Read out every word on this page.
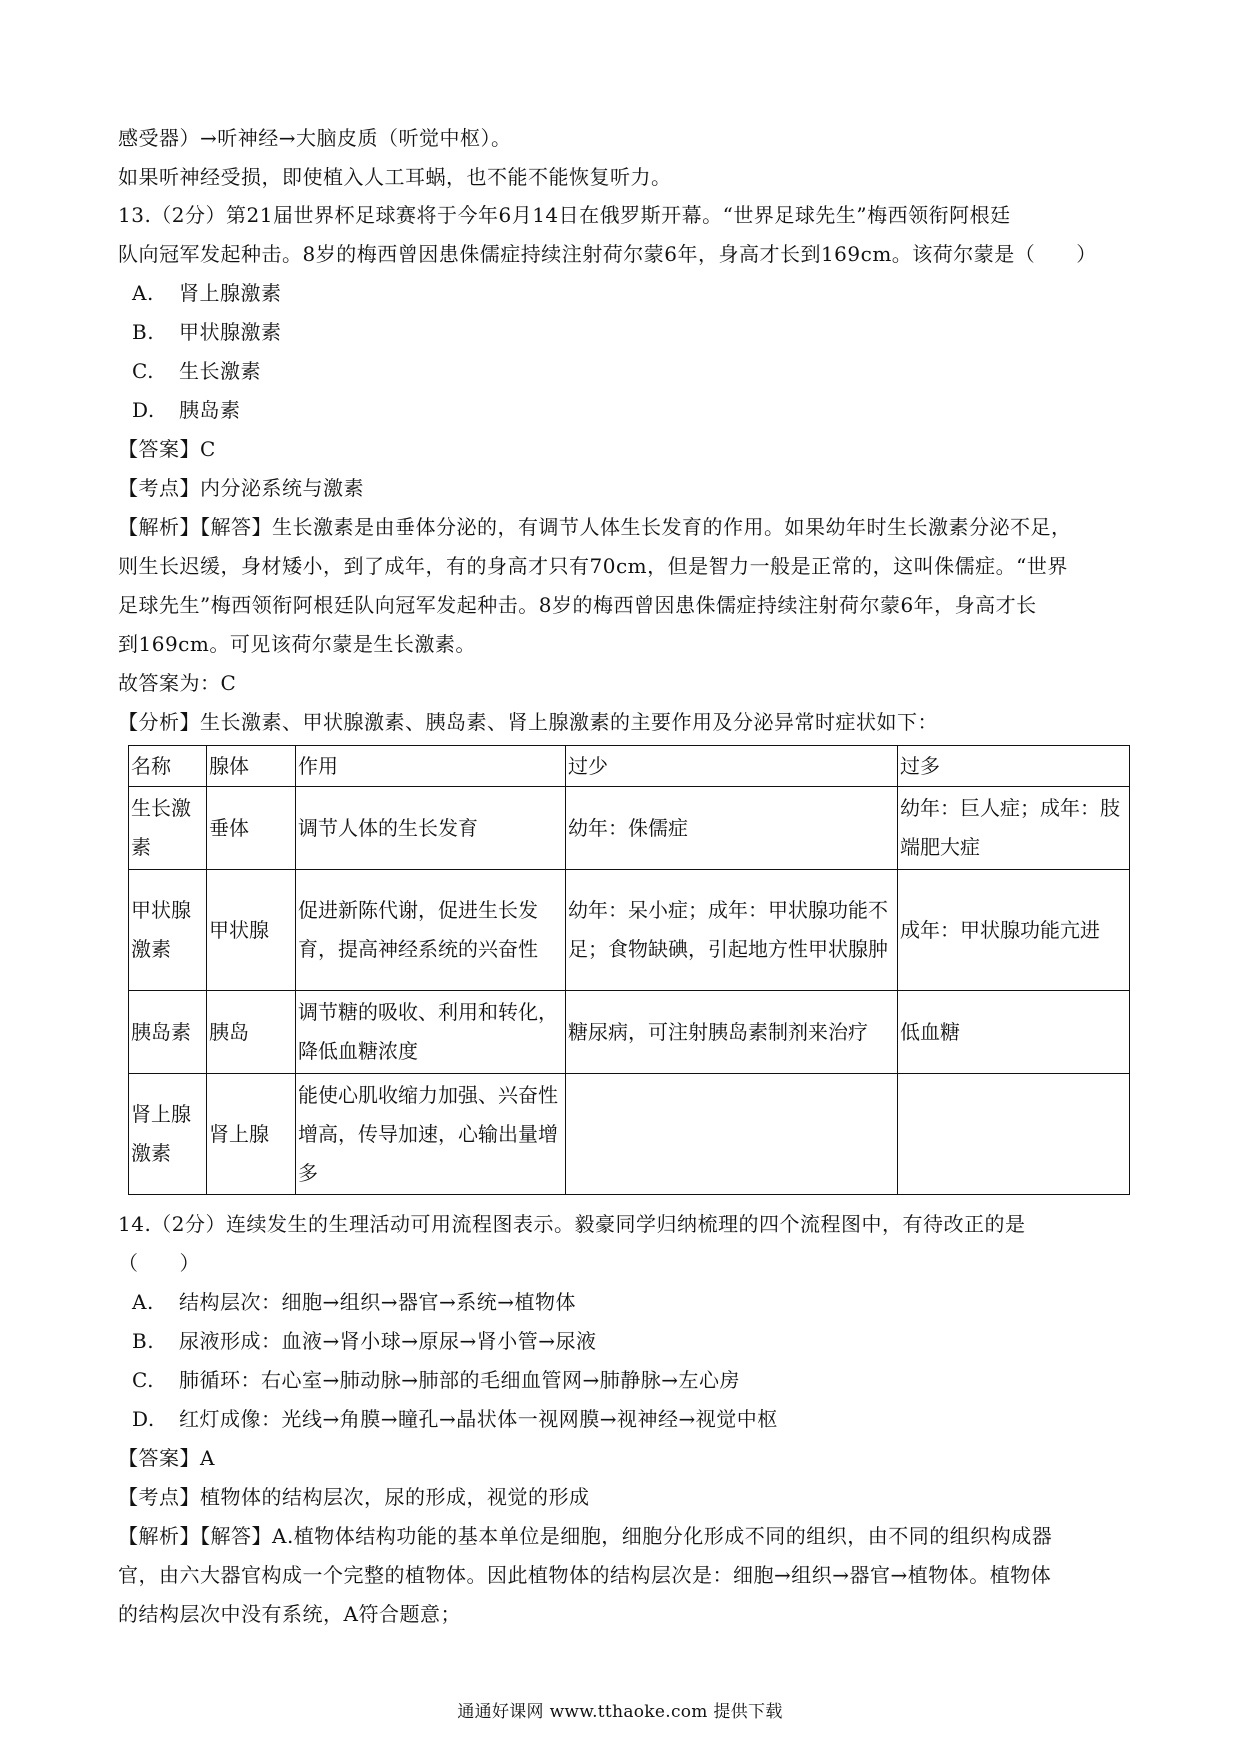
感受器）→听神经→大脑皮质（听觉中枢）。
如果听神经受损，即使植入人工耳蜗，也不能不能恢复听力。
13.（2分）第21届世界杯足球赛将于今年6月14日在俄罗斯开幕。“世界足球先生”梅西领衔阿根廷
队向冠军发起种击。8岁的梅西曾因患侏儒症持续注射荷尔蒙6年，身高才长到169cm。该荷尔蒙是（　　）
A. 肾上腺激素
B. 甲状腺激素
C. 生长激素
D. 胰岛素
【答案】C
【考点】内分泌系统与激素
【解析】【解答】生长激素是由垂体分泌的，有调节人体生长发育的作用。如果幼年时生长激素分泌不足，
则生长迟缓，身材矮小，到了成年，有的身高才只有70cm，但是智力一般是正常的，这叫侏儒症。“世界
足球先生”梅西领衔阿根廷队向冠军发起种击。8岁的梅西曾因患侏儒症持续注射荷尔蒙6年，身高才长
到169cm。可见该荷尔蒙是生长激素。
故答案为：C
【分析】生长激素、甲状腺激素、胰岛素、肾上腺激素的主要作用及分泌异常时症状如下：
名称	腺体	作用	过少	过多
生长激素	垂体	调节人体的生长发育	幼年：侏儒症	幼年：巨人症；成年：肢端肥大症
甲状腺激素	甲状腺	促进新陈代谢，促进生长发育，提高神经系统的兴奋性	幼年：呆小症；成年：甲状腺功能不足；食物缺碘，引起地方性甲状腺肿	成年：甲状腺功能亢进
胰岛素	胰岛	调节糖的吸收、利用和转化，降低血糖浓度	糖尿病，可注射胰岛素制剂来治疗	低血糖
肾上腺激素	肾上腺	能使心肌收缩力加强、兴奋性增高，传导加速，心输出量增多		
14.（2分）连续发生的生理活动可用流程图表示。毅豪同学归纳梳理的四个流程图中，有待改正的是
（　　）
A. 结构层次：细胞→组织→器官→系统→植物体
B. 尿液形成：血液→肾小球→原尿→肾小管→尿液
C. 肺循环：右心室→肺动脉→肺部的毛细血管网→肺静脉→左心房
D. 红灯成像：光线→角膜→瞳孔→晶状体一视网膜→视神经→视觉中枢
【答案】A
【考点】植物体的结构层次，尿的形成，视觉的形成
【解析】【解答】A.植物体结构功能的基本单位是细胞，细胞分化形成不同的组织，由不同的组织构成器
官，由六大器官构成一个完整的植物体。因此植物体的结构层次是：细胞→组织→器官→植物体。植物体
的结构层次中没有系统，A符合题意；
通通好课网 www.tthaoke.com 提供下载
